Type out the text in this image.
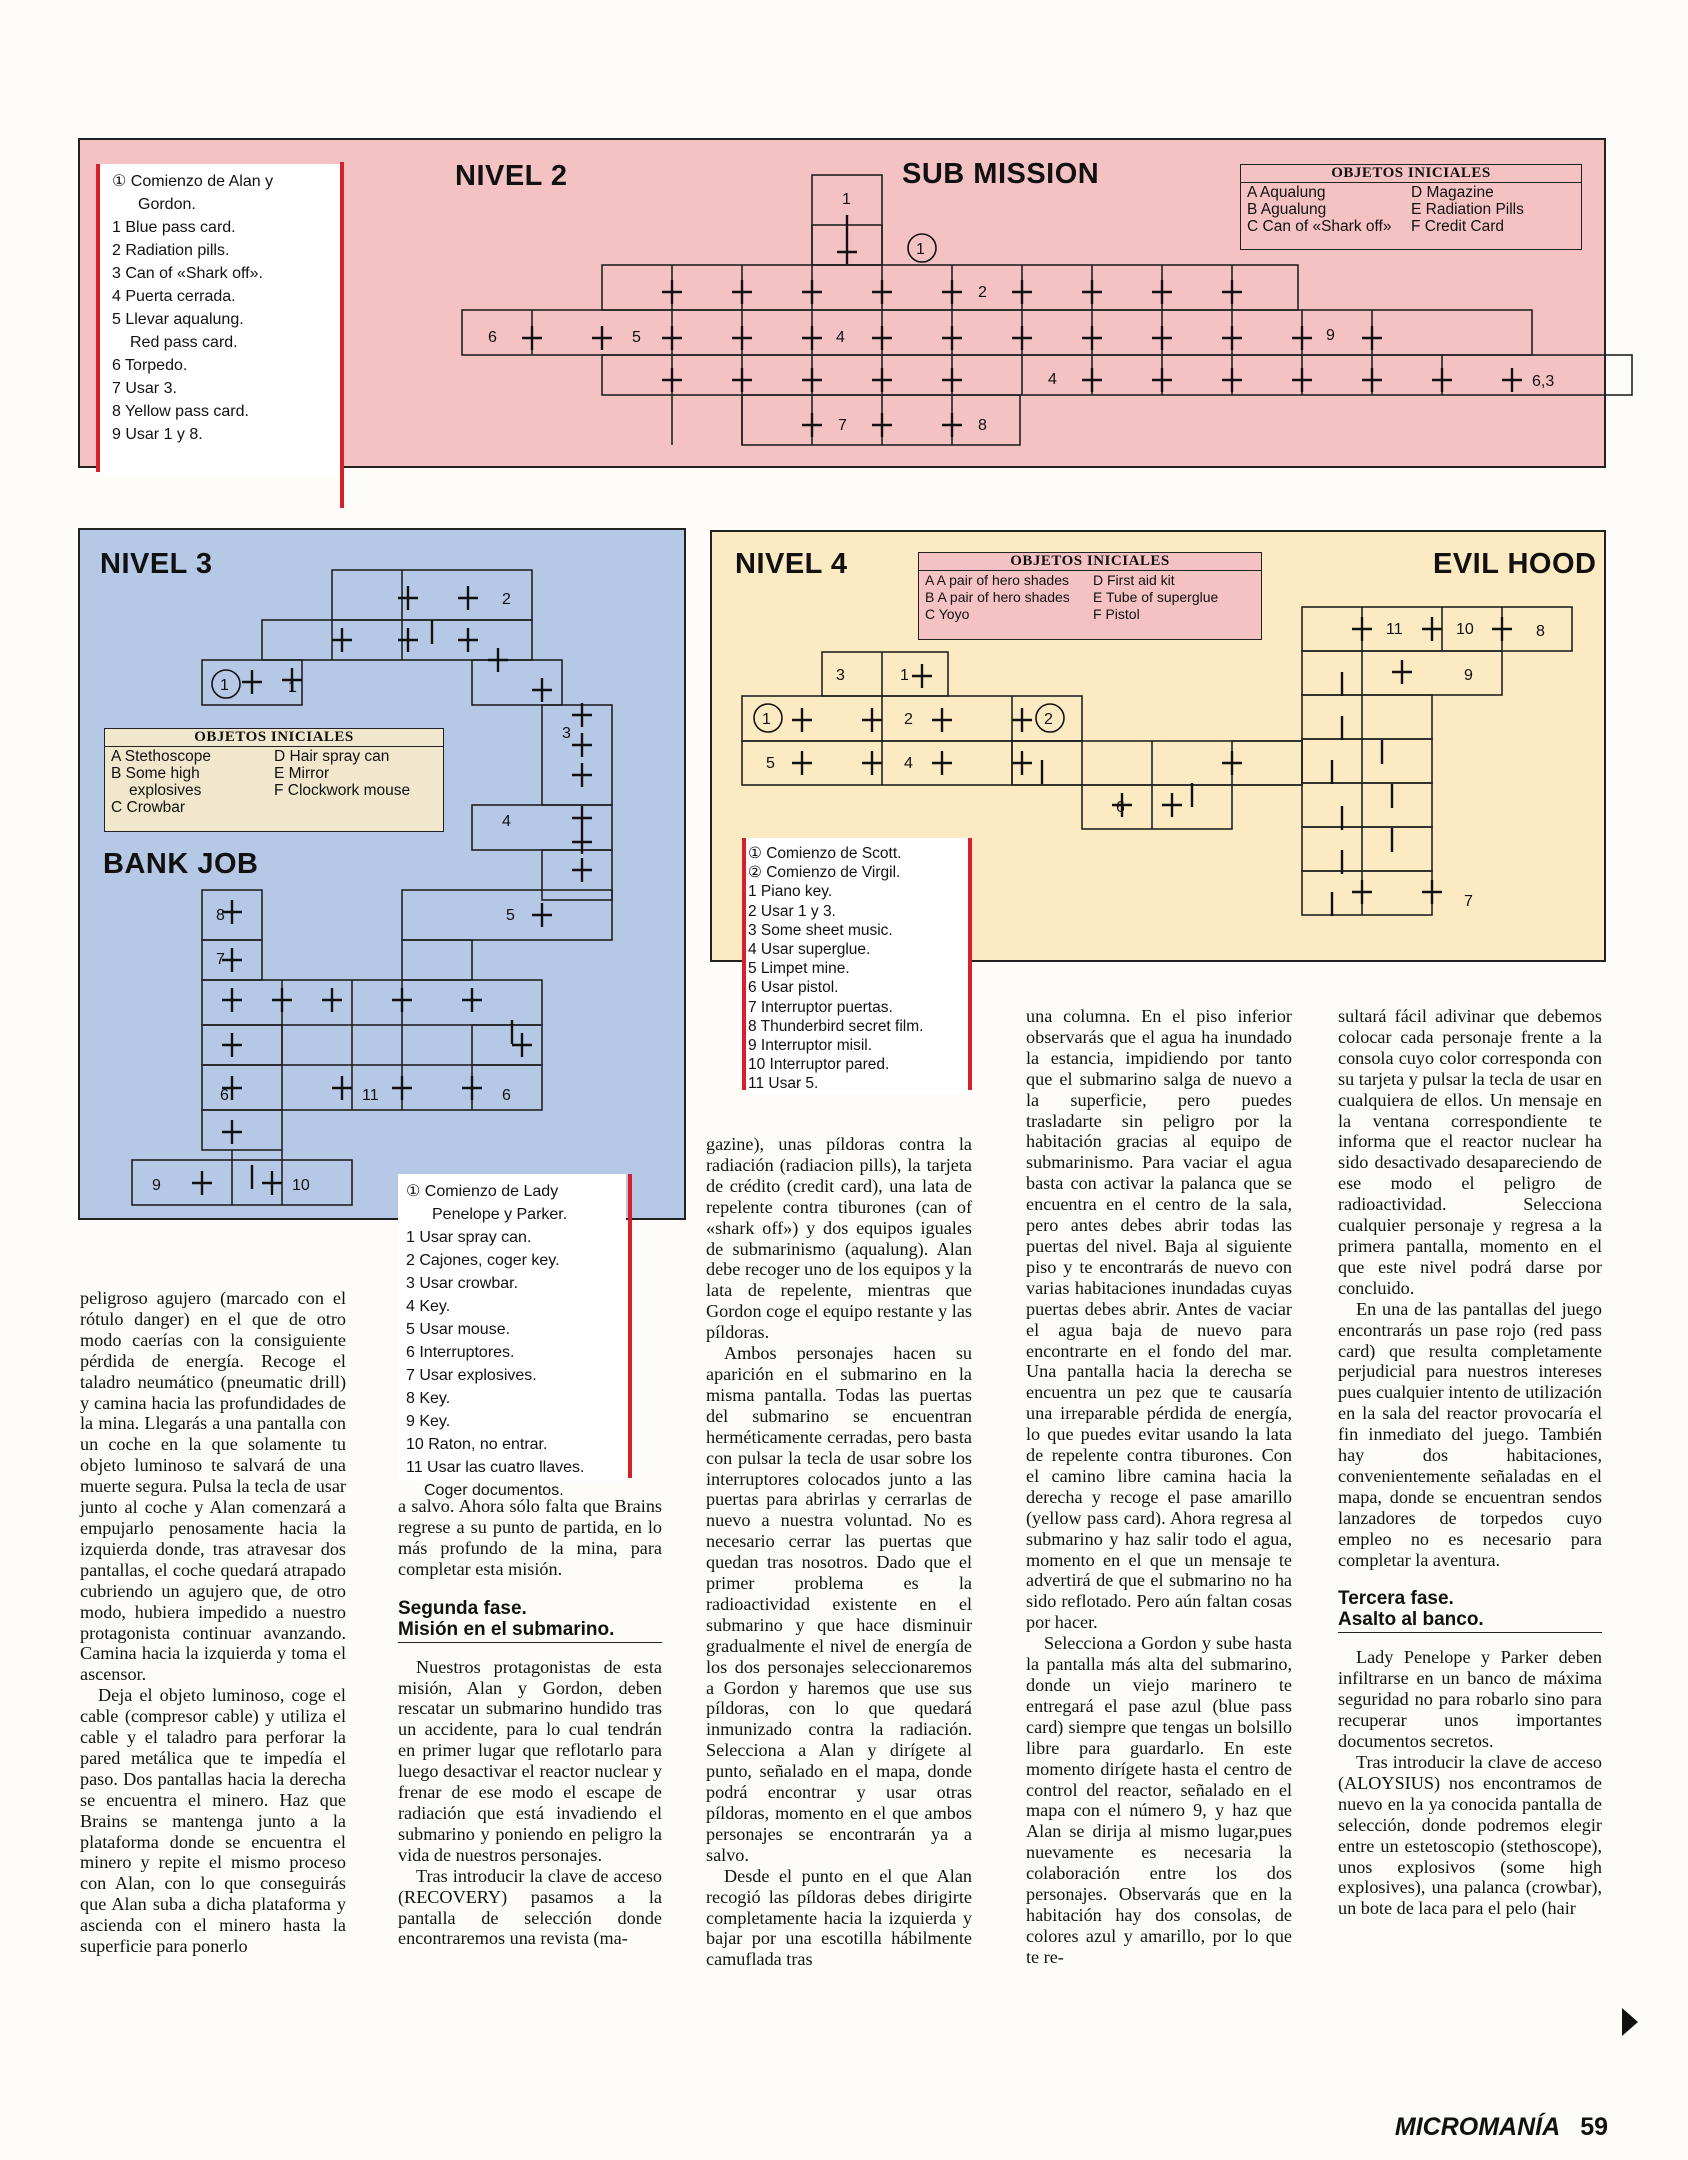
NIVEL 2	SUB MISSION
① Comienzo de Alan y
Gordon.
1 Blue pass card.
2 Radiation pills.
3 Can of «Shark off».
4 Puerta cerrada.
5 Llevar aqualung.
Red pass card.
6 Torpedo.
7 Usar 3.
8 Yellow pass card.
9 Usar 1 y 8.
OBJETOS INICIALES
A Aqualung	D Magazine
B Agualung	E Radiation Pills
C Can of «Shark off»	F Credit Card
1
1
2
4
4
5
6
7	8
9
6,3
NIVEL 3
BANK JOB
OBJETOS INICIALES
A Stethoscope	D Hair spray can
B Some high	E Mirror
explosives	F Clockwork mouse
C Crowbar
1	1
2
3
4
5
6	6
7
8
9	10
11
① Comienzo de Lady
Penelope y Parker.
1 Usar spray can.
2 Cajones, coger key.
3 Usar crowbar.
4 Key.
5 Usar mouse.
6 Interruptores.
7 Usar explosives.
8 Key.
9 Key.
10 Raton, no entrar.
11 Usar las cuatro llaves.
Coger documentos.
NIVEL 4	EVIL HOOD
OBJETOS INICIALES
A A pair of hero shades	D First aid kit
B A pair of hero shades	E Tube of superglue
C Yoyo	F Pistol
1	2
1
2
3
4
5
6
7
8
9
10
11
① Comienzo de Scott.
② Comienzo de Virgil.
1 Piano key.
2 Usar 1 y 3.
3 Some sheet music.
4 Usar superglue.
5 Limpet mine.
6 Usar pistol.
7 Interruptor puertas.
8 Thunderbird secret film.
9 Interruptor misil.
10 Interruptor pared.
11 Usar 5.

peligroso agujero (marcado con el rótulo danger) en el que de otro modo caerías con la consiguiente pérdida de energía. Recoge el taladro neumático (pneumatic drill) y camina hacia las profundidades de la mina. Llegarás a una pantalla con un coche en la que solamente tu objeto luminoso te salvará de una muerte segura. Pulsa la tecla de usar junto al coche y Alan comenzará a empujarlo penosamente hacia la izquierda donde, tras atravesar dos pantallas, el coche quedará atrapado cubriendo un agujero que, de otro modo, hubiera impedido a nuestro protagonista continuar avanzando. Camina hacia la izquierda y toma el ascensor.

Deja el objeto luminoso, coge el cable (compresor cable) y utiliza el cable y el taladro para perforar la pared metálica que te impedía el paso. Dos pantallas hacia la derecha se encuentra el minero. Haz que Brains se mantenga junto a la plataforma donde se encuentra el minero y repite el mismo proceso con Alan, con lo que conseguirás que Alan suba a dicha plataforma y ascienda con el minero hasta la superficie para ponerlo

a salvo. Ahora sólo falta que Brains regrese a su punto de partida, en lo más profundo de la mina, para completar esta misión.

Segunda fase.
Misión en el submarino.

Nuestros protagonistas de esta misión, Alan y Gordon, deben rescatar un submarino hundido tras un accidente, para lo cual tendrán en primer lugar que reflotarlo para luego desactivar el reactor nuclear y frenar de ese modo el escape de radiación que está invadiendo el submarino y poniendo en peligro la vida de nuestros personajes.

Tras introducir la clave de acceso (RECOVERY) pasamos a la pantalla de selección donde encontraremos una revista (ma-

gazine), unas píldoras contra la radiación (radiacion pills), la tarjeta de crédito (credit card), una lata de repelente contra tiburones (can of «shark off») y dos equipos iguales de submarinismo (aqualung). Alan debe recoger uno de los equipos y la lata de repelente, mientras que Gordon coge el equipo restante y las píldoras.

Ambos personajes hacen su aparición en el submarino en la misma pantalla. Todas las puertas del submarino se encuentran herméticamente cerradas, pero basta con pulsar la tecla de usar sobre los interruptores colocados junto a las puertas para abrirlas y cerrarlas de nuevo a nuestra voluntad. No es necesario cerrar las puertas que quedan tras nosotros. Dado que el primer problema es la radioactividad existente en el submarino y que hace disminuir gradualmente el nivel de energía de los dos personajes seleccionaremos a Gordon y haremos que use sus píldoras, con lo que quedará inmunizado contra la radiación. Selecciona a Alan y dirígete al punto, señalado en el mapa, donde podrá encontrar y usar otras píldoras, momento en el que ambos personajes se encontrarán ya a salvo.

Desde el punto en el que Alan recogió las píldoras debes dirigirte completamente hacia la izquierda y bajar por una escotilla hábilmente camuflada tras

una columna. En el piso inferior observarás que el agua ha inundado la estancia, impidiendo por tanto que el submarino salga de nuevo a la superficie, pero puedes trasladarte sin peligro por la habitación gracias al equipo de submarinismo. Para vaciar el agua basta con activar la palanca que se encuentra en el centro de la sala, pero antes debes abrir todas las puertas del nivel. Baja al siguiente piso y te encontrarás de nuevo con varias habitaciones inundadas cuyas puertas debes abrir. Antes de vaciar el agua baja de nuevo para encontrarte en el fondo del mar. Una pantalla hacia la derecha se encuentra un pez que te causaría una irreparable pérdida de energía, lo que puedes evitar usando la lata de repelente contra tiburones. Con el camino libre camina hacia la derecha y recoge el pase amarillo (yellow pass card). Ahora regresa al submarino y haz salir todo el agua, momento en el que un mensaje te advertirá de que el submarino no ha sido reflotado. Pero aún faltan cosas por hacer.

Selecciona a Gordon y sube hasta la pantalla más alta del submarino, donde un viejo marinero te entregará el pase azul (blue pass card) siempre que tengas un bolsillo libre para guardarlo. En este momento dirígete hasta el centro de control del reactor, señalado en el mapa con el número 9, y haz que Alan se dirija al mismo lugar,pues nuevamente es necesaria la colaboración entre los dos personajes. Observarás que en la habitación hay dos consolas, de colores azul y amarillo, por lo que te re-

sultará fácil adivinar que debemos colocar cada personaje frente a la consola cuyo color corresponda con su tarjeta y pulsar la tecla de usar en cualquiera de ellos. Un mensaje en la ventana correspondiente te informa que el reactor nuclear ha sido desactivado desapareciendo de ese modo el peligro de radioactividad. Selecciona cualquier personaje y regresa a la primera pantalla, momento en el que este nivel podrá darse por concluido.

En una de las pantallas del juego encontrarás un pase rojo (red pass card) que resulta completamente perjudicial para nuestros intereses pues cualquier intento de utilización en la sala del reactor provocaría el fin inmediato del juego. También hay dos habitaciones, convenientemente señaladas en el mapa, donde se encuentran sendos lanzadores de torpedos cuyo empleo no es necesario para completar la aventura.

Tercera fase.
Asalto al banco.

Lady Penelope y Parker deben infiltrarse en un banco de máxima seguridad no para robarlo sino para recuperar unos importantes documentos secretos.

Tras introducir la clave de acceso (ALOYSIUS) nos encontramos de nuevo en la ya conocida pantalla de selección, donde podremos elegir entre un estetoscopio (stethoscope), unos explosivos (some high explosives), una palanca (crowbar), un bote de laca para el pelo (hair

MICROMANÍA 59
